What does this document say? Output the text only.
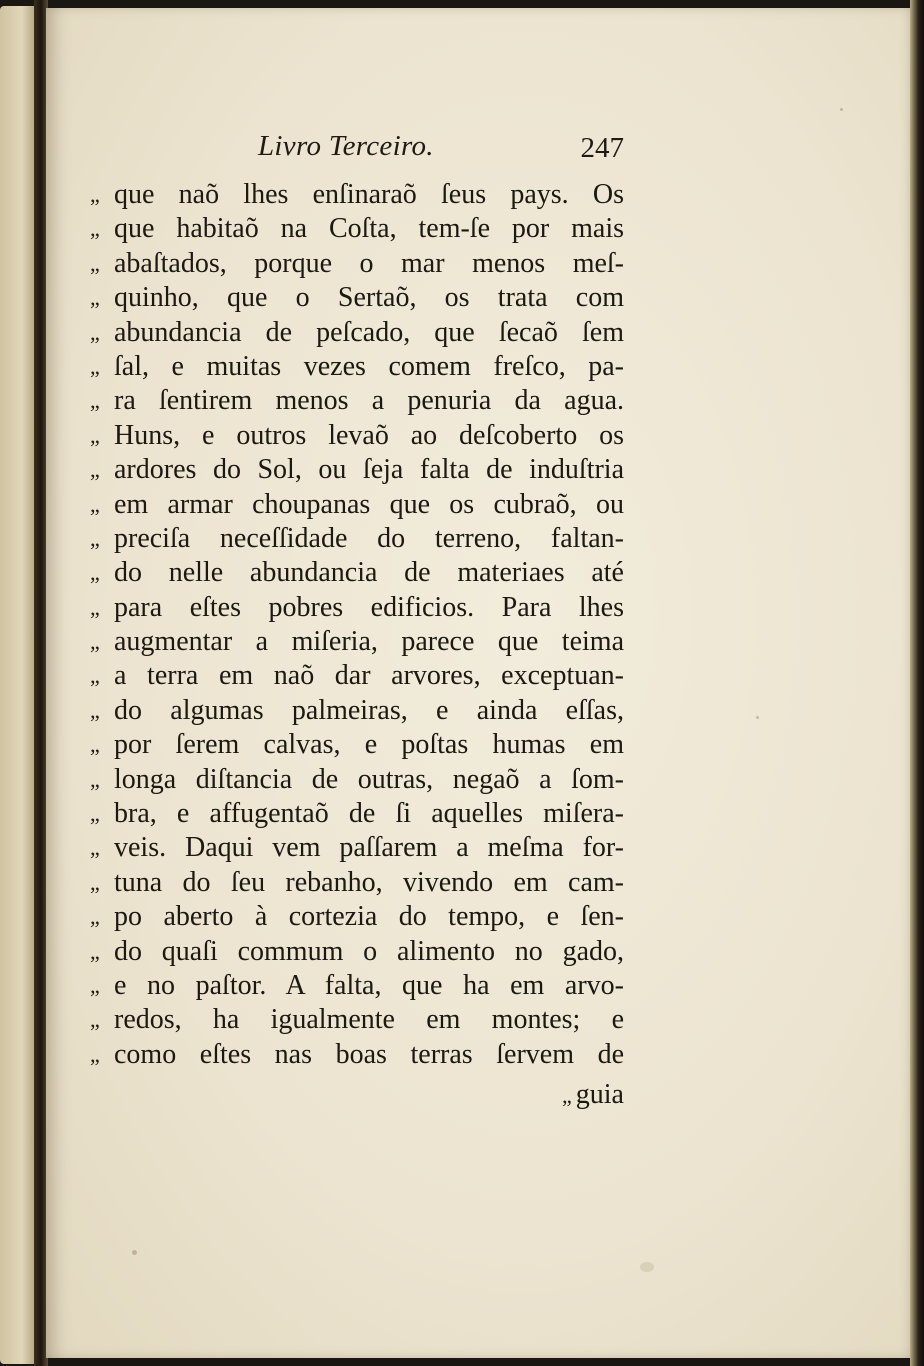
Livro Terceiro.	247
„ que naõ lhes enſinaraõ ſeus pays. Os
„ que habitaõ na Coſta, tem-ſe por mais
„ abaſtados, porque o mar menos meſ-
„ quinho, que o Sertaõ, os trata com
„ abundancia de peſcado, que ſecaõ ſem
„ ſal, e muitas vezes comem freſco, pa-
„ ra ſentirem menos a penuria da agua.
„ Huns, e outros levaõ ao deſcoberto os
„ ardores do Sol, ou ſeja falta de induſtria
„ em armar choupanas que os cubraõ, ou
„ preciſa neceſſidade do terreno, faltan-
„ do nelle abundancia de materiaes até
„ para eſtes pobres edificios. Para lhes
„ augmentar a miſeria, parece que teima
„ a terra em naõ dar arvores, exceptuan-
„ do algumas palmeiras, e ainda eſſas,
„ por ſerem calvas, e poſtas humas em
„ longa diſtancia de outras, negaõ a ſom-
„ bra, e affugentaõ de ſi aquelles miſera-
„ veis. Daqui vem paſſarem a meſma for-
„ tuna do ſeu rebanho, vivendo em cam-
„ po aberto à cortezia do tempo, e ſen-
„ do quaſi commum o alimento no gado,
„ e no paſtor. A falta, que ha em arvo-
„ redos, ha igualmente em montes; e
„ como eſtes nas boas terras ſervem de
„ guia
